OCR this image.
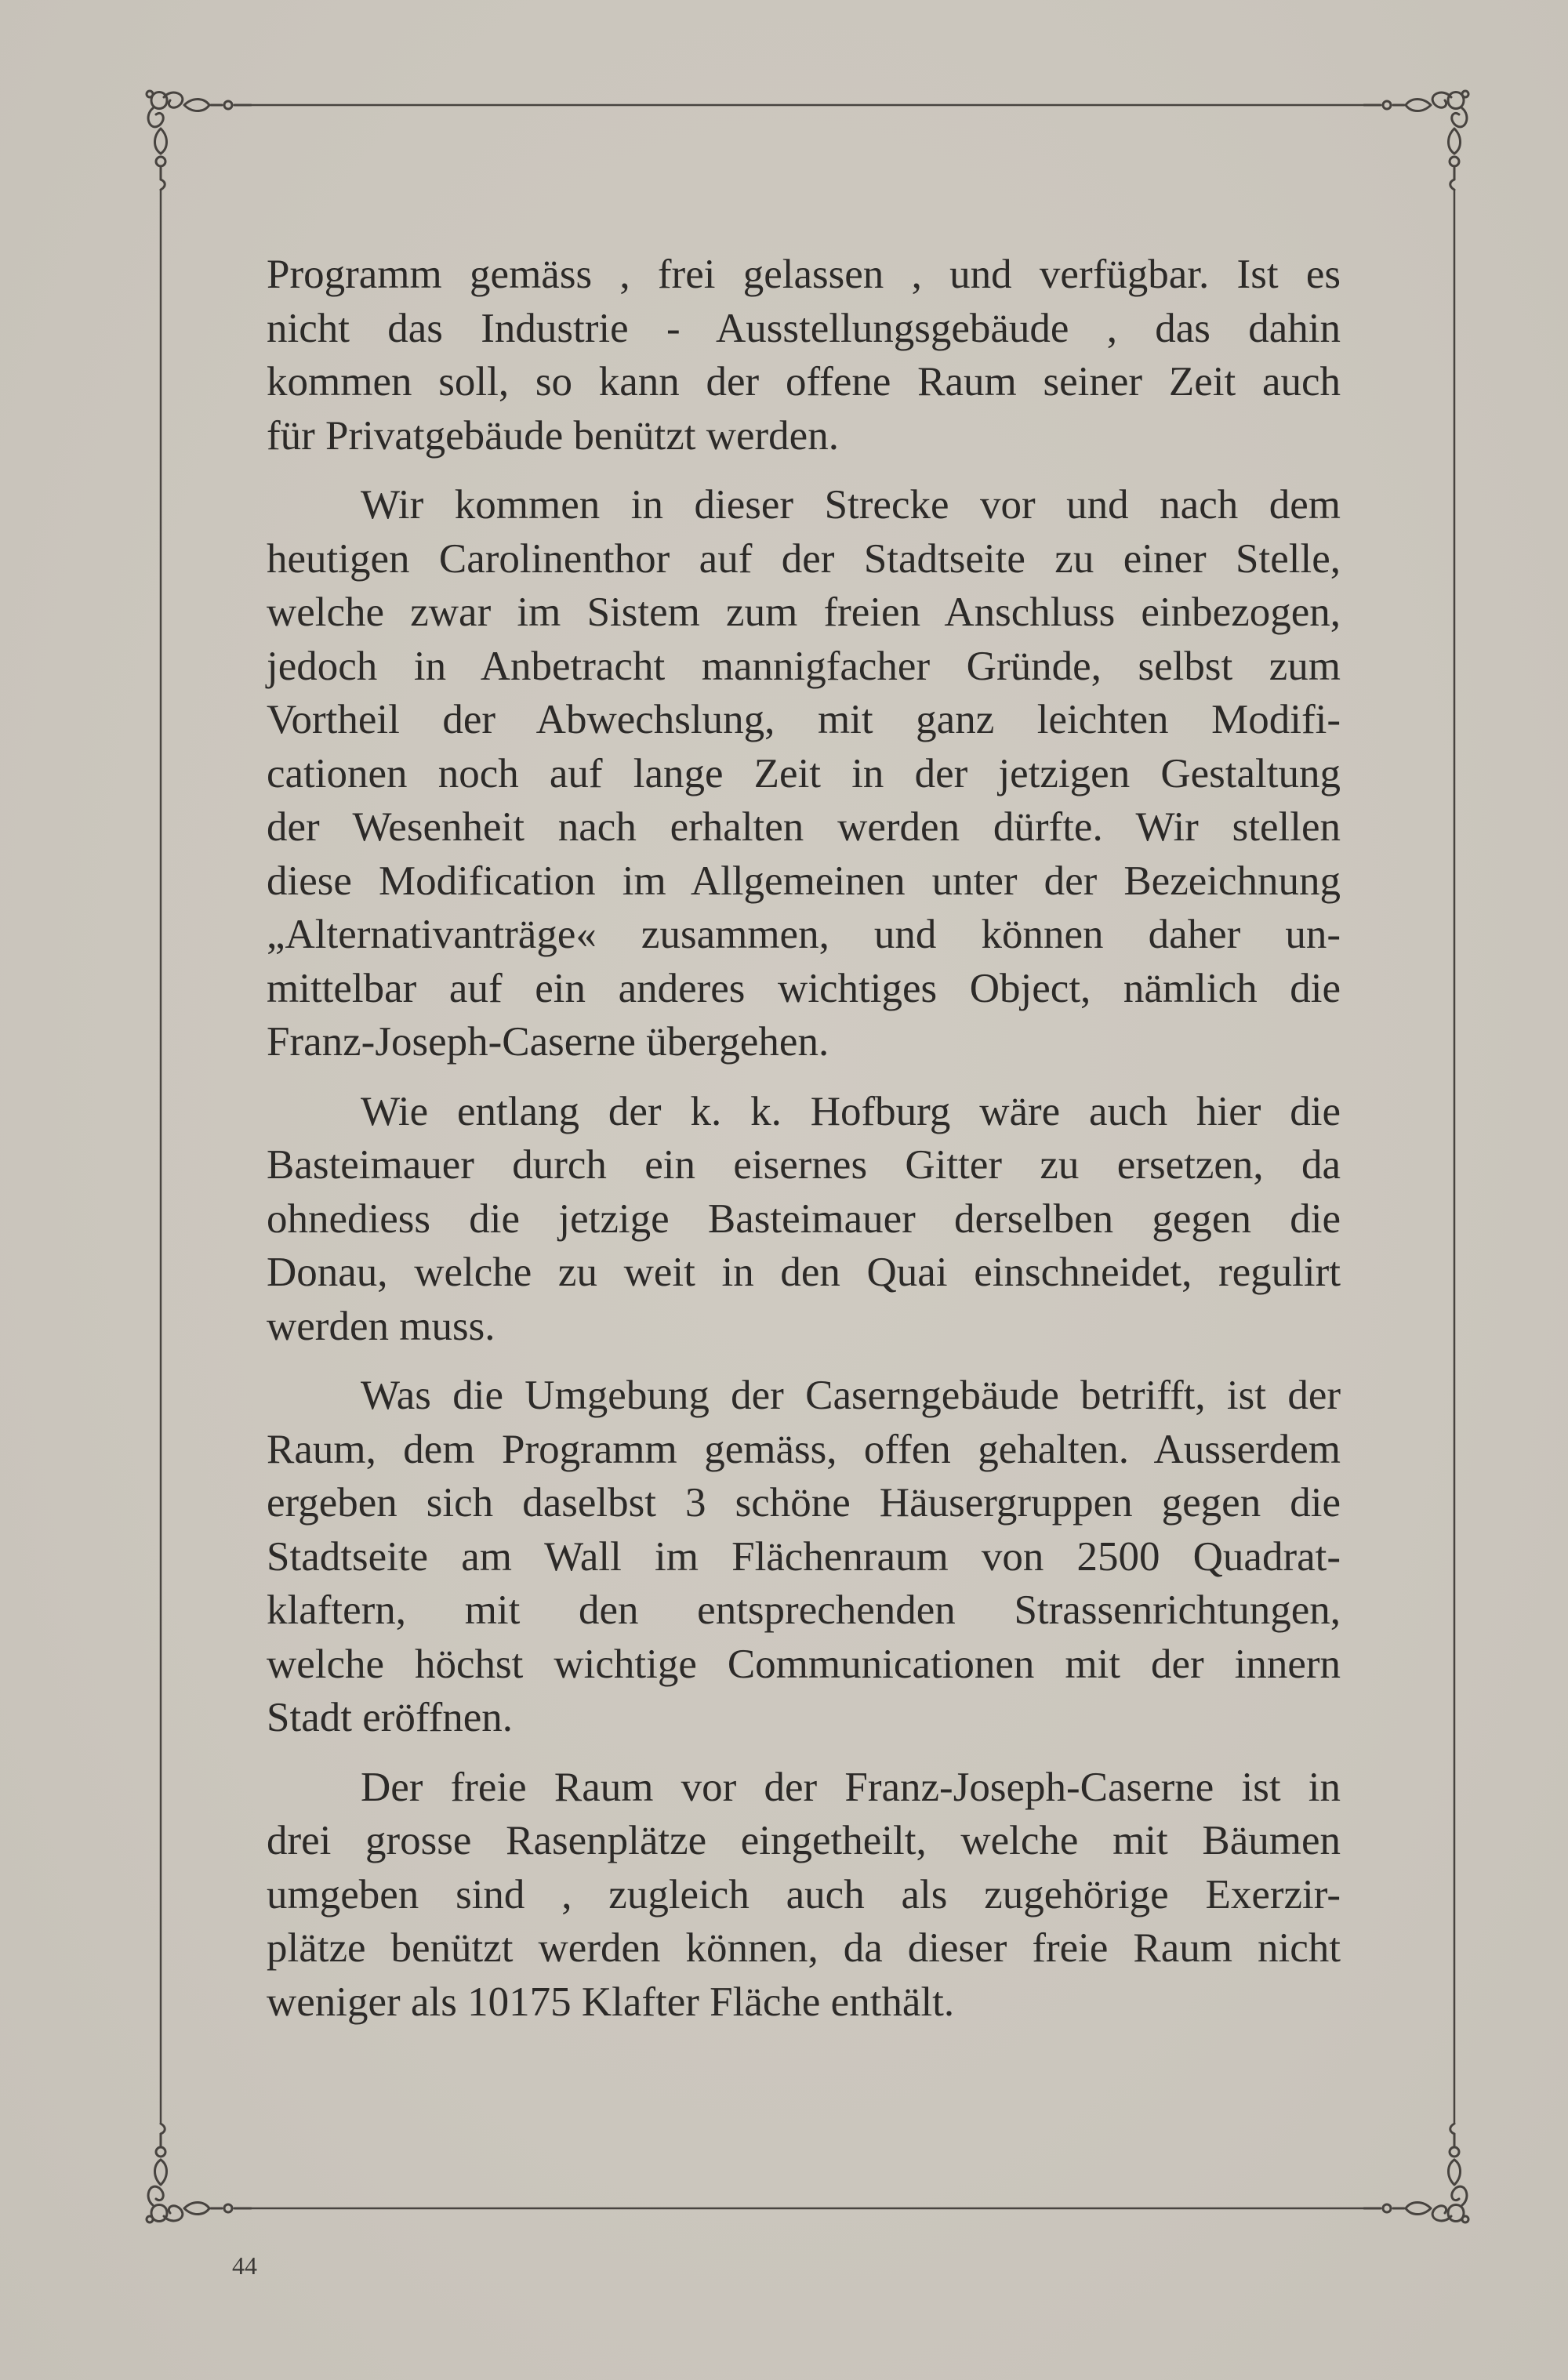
Programm gemäss , frei gelassen , und verfügbar. Ist es
nicht das Industrie - Ausstellungsgebäude , das dahin
kommen soll, so kann der offene Raum seiner Zeit auch
für Privatgebäude benützt werden.
Wir kommen in dieser Strecke vor und nach dem
heutigen Carolinenthor auf der Stadtseite zu einer Stelle,
welche zwar im Sistem zum freien Anschluss einbezogen,
jedoch in Anbetracht mannigfacher Gründe, selbst zum
Vortheil der Abwechslung, mit ganz leichten Modifi-
cationen noch auf lange Zeit in der jetzigen Gestaltung
der Wesenheit nach erhalten werden dürfte. Wir stellen
diese Modification im Allgemeinen unter der Bezeichnung
„Alternativanträge« zusammen, und können daher un-
mittelbar auf ein anderes wichtiges Object, nämlich die
Franz-Joseph-Caserne übergehen.
Wie entlang der k. k. Hofburg wäre auch hier die
Basteimauer durch ein eisernes Gitter zu ersetzen, da
ohnediess die jetzige Basteimauer derselben gegen die
Donau, welche zu weit in den Quai einschneidet, regulirt
werden muss.
Was die Umgebung der Caserngebäude betrifft, ist der
Raum, dem Programm gemäss, offen gehalten. Ausserdem
ergeben sich daselbst 3 schöne Häusergruppen gegen die
Stadtseite am Wall im Flächenraum von 2500 Quadrat-
klaftern, mit den entsprechenden Strassenrichtungen,
welche höchst wichtige Communicationen mit der innern
Stadt eröffnen.
Der freie Raum vor der Franz-Joseph-Caserne ist in
drei grosse Rasenplätze eingetheilt, welche mit Bäumen
umgeben sind , zugleich auch als zugehörige Exerzir-
plätze benützt werden können, da dieser freie Raum nicht
weniger als 10175 Klafter Fläche enthält.
44
